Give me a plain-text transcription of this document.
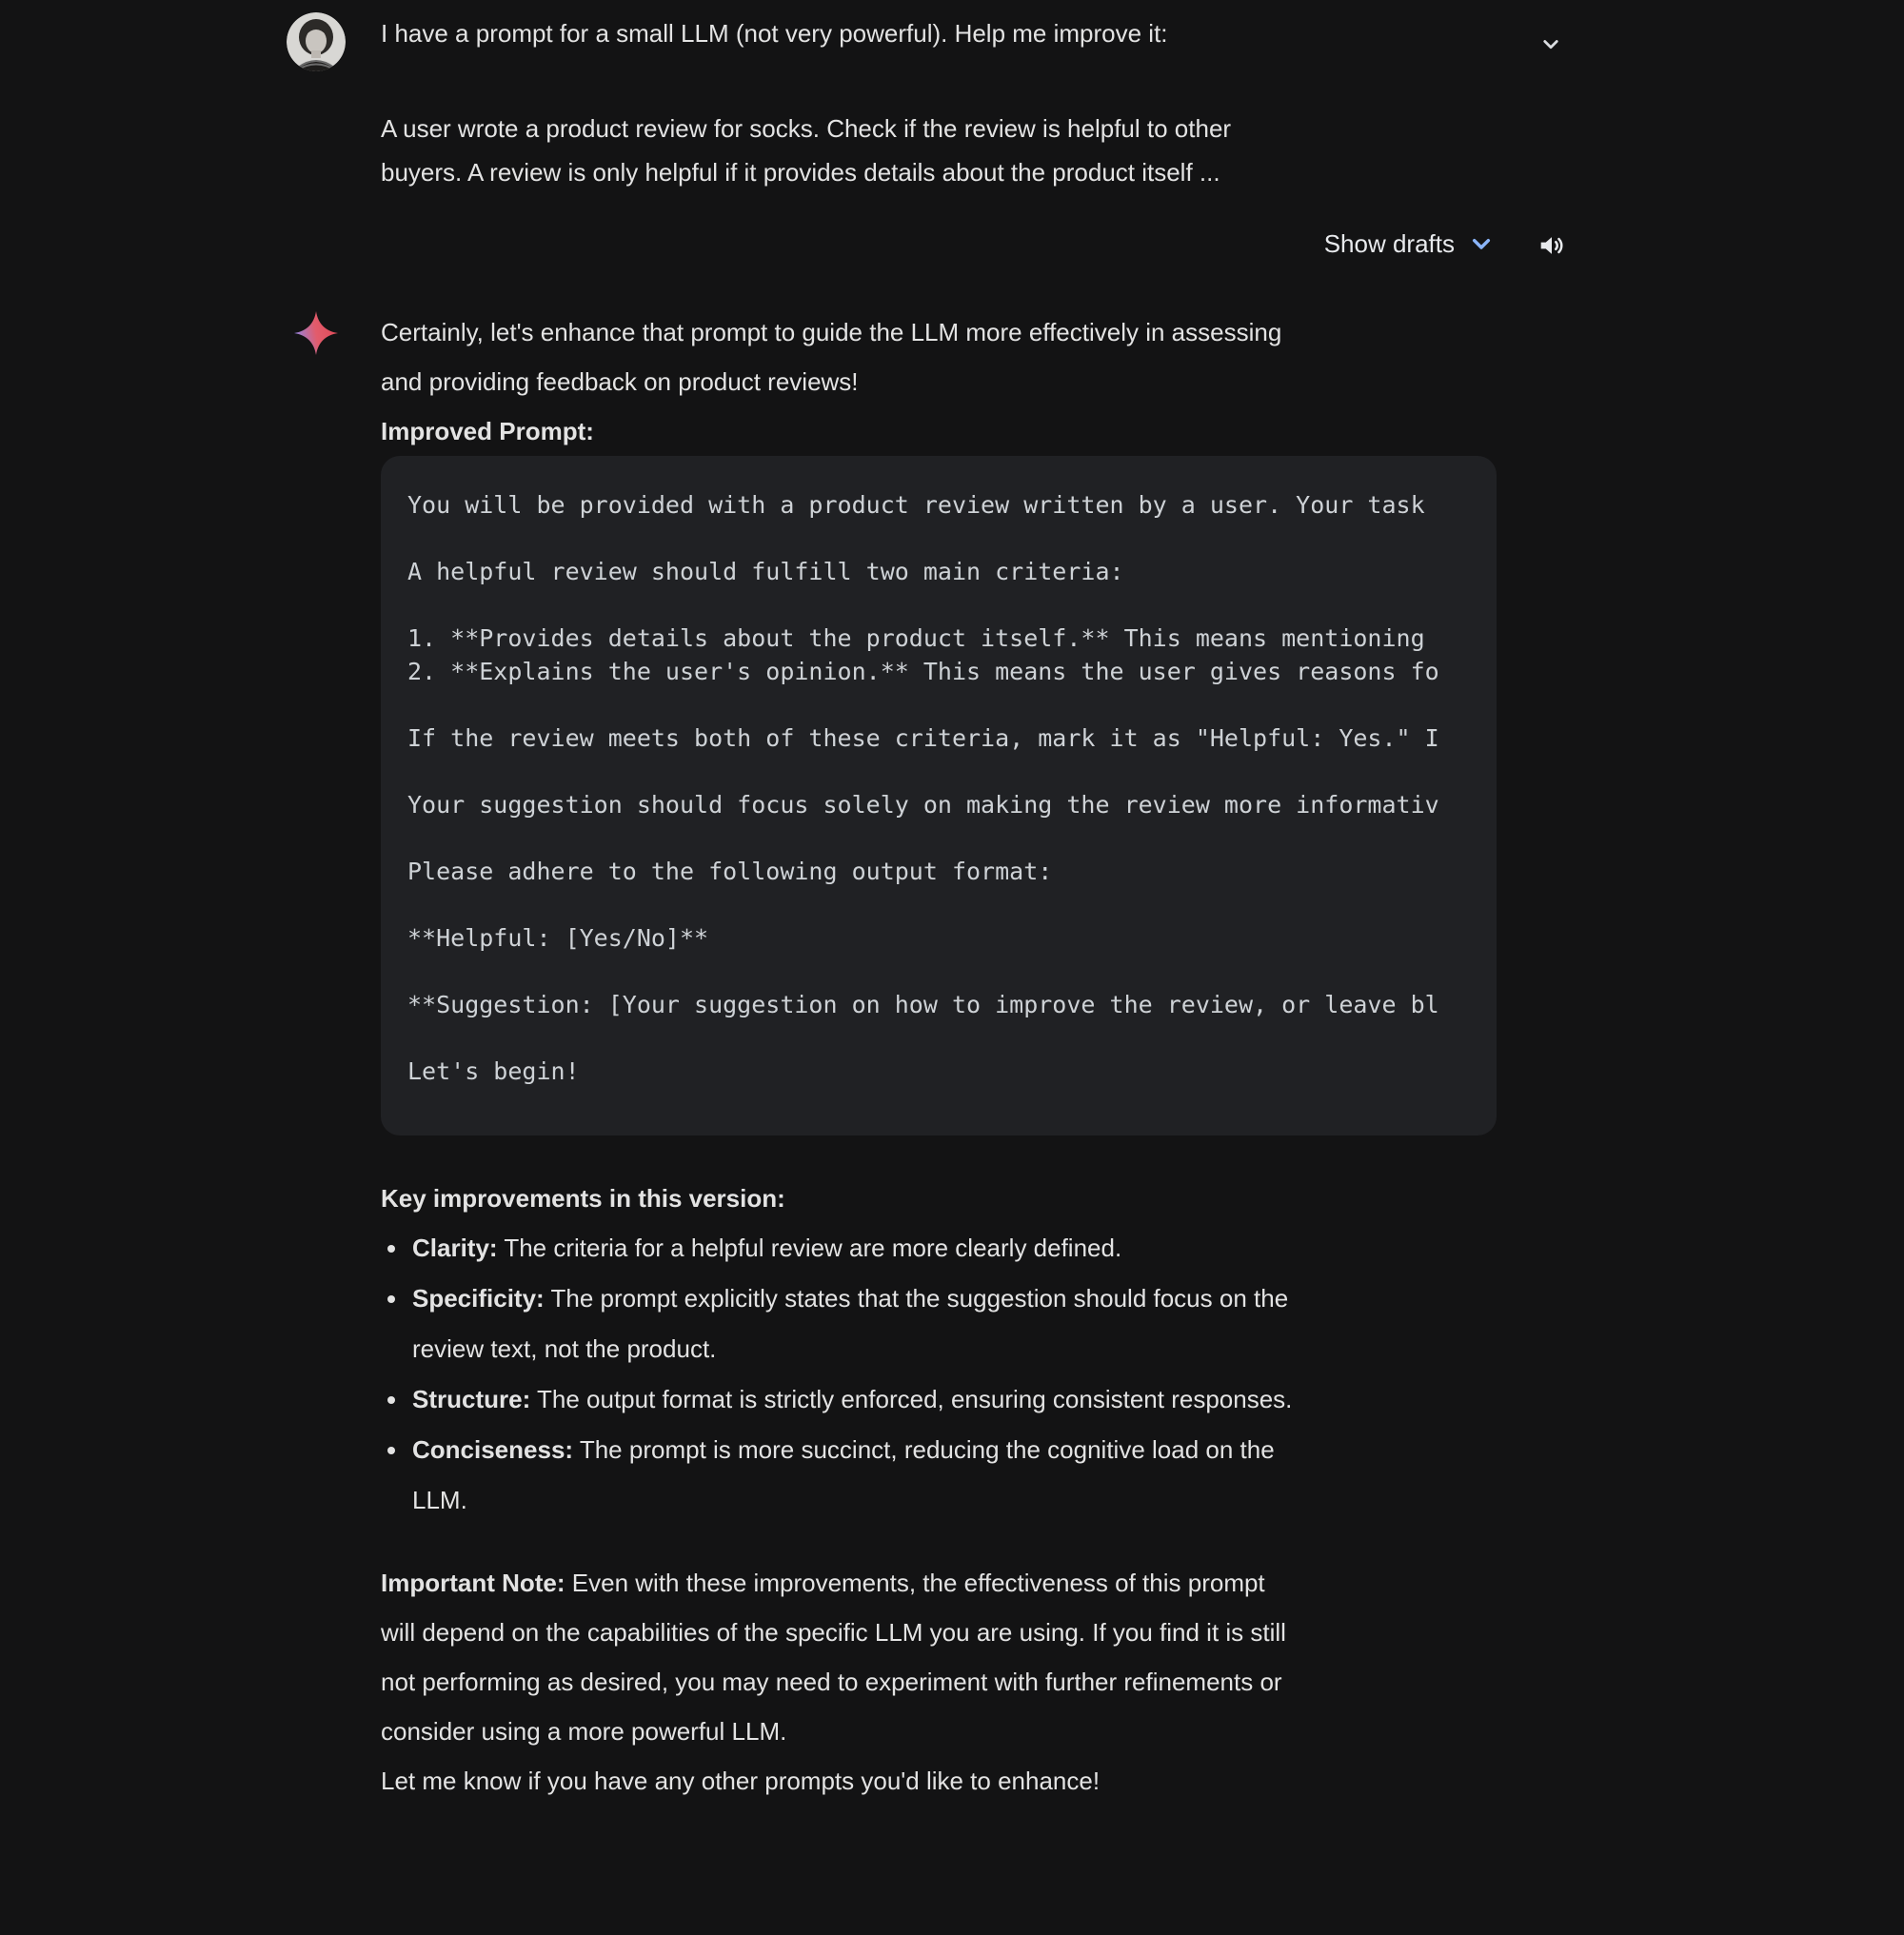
I have a prompt for a small LLM (not very powerful). Help me improve it:

A user wrote a product review for socks. Check if the review is helpful to other
buyers. A review is only helpful if it provides details about the product itself ...

Show drafts

Certainly, let's enhance that prompt to guide the LLM more effectively in assessing
and providing feedback on product reviews!

Improved Prompt:

You will be provided with a product review written by a user. Your task

A helpful review should fulfill two main criteria:

1. **Provides details about the product itself.** This means mentioning
2. **Explains the user's opinion.** This means the user gives reasons fo

If the review meets both of these criteria, mark it as "Helpful: Yes." I

Your suggestion should focus solely on making the review more informativ

Please adhere to the following output format:

**Helpful: [Yes/No]**

**Suggestion: [Your suggestion on how to improve the review, or leave bl

Let's begin!

Key improvements in this version:

Clarity: The criteria for a helpful review are more clearly defined.
Specificity: The prompt explicitly states that the suggestion should focus on the
review text, not the product.
Structure: The output format is strictly enforced, ensuring consistent responses.
Conciseness: The prompt is more succinct, reducing the cognitive load on the
LLM.

Important Note: Even with these improvements, the effectiveness of this prompt
will depend on the capabilities of the specific LLM you are using. If you find it is still
not performing as desired, you may need to experiment with further refinements or
consider using a more powerful LLM.

Let me know if you have any other prompts you'd like to enhance!
